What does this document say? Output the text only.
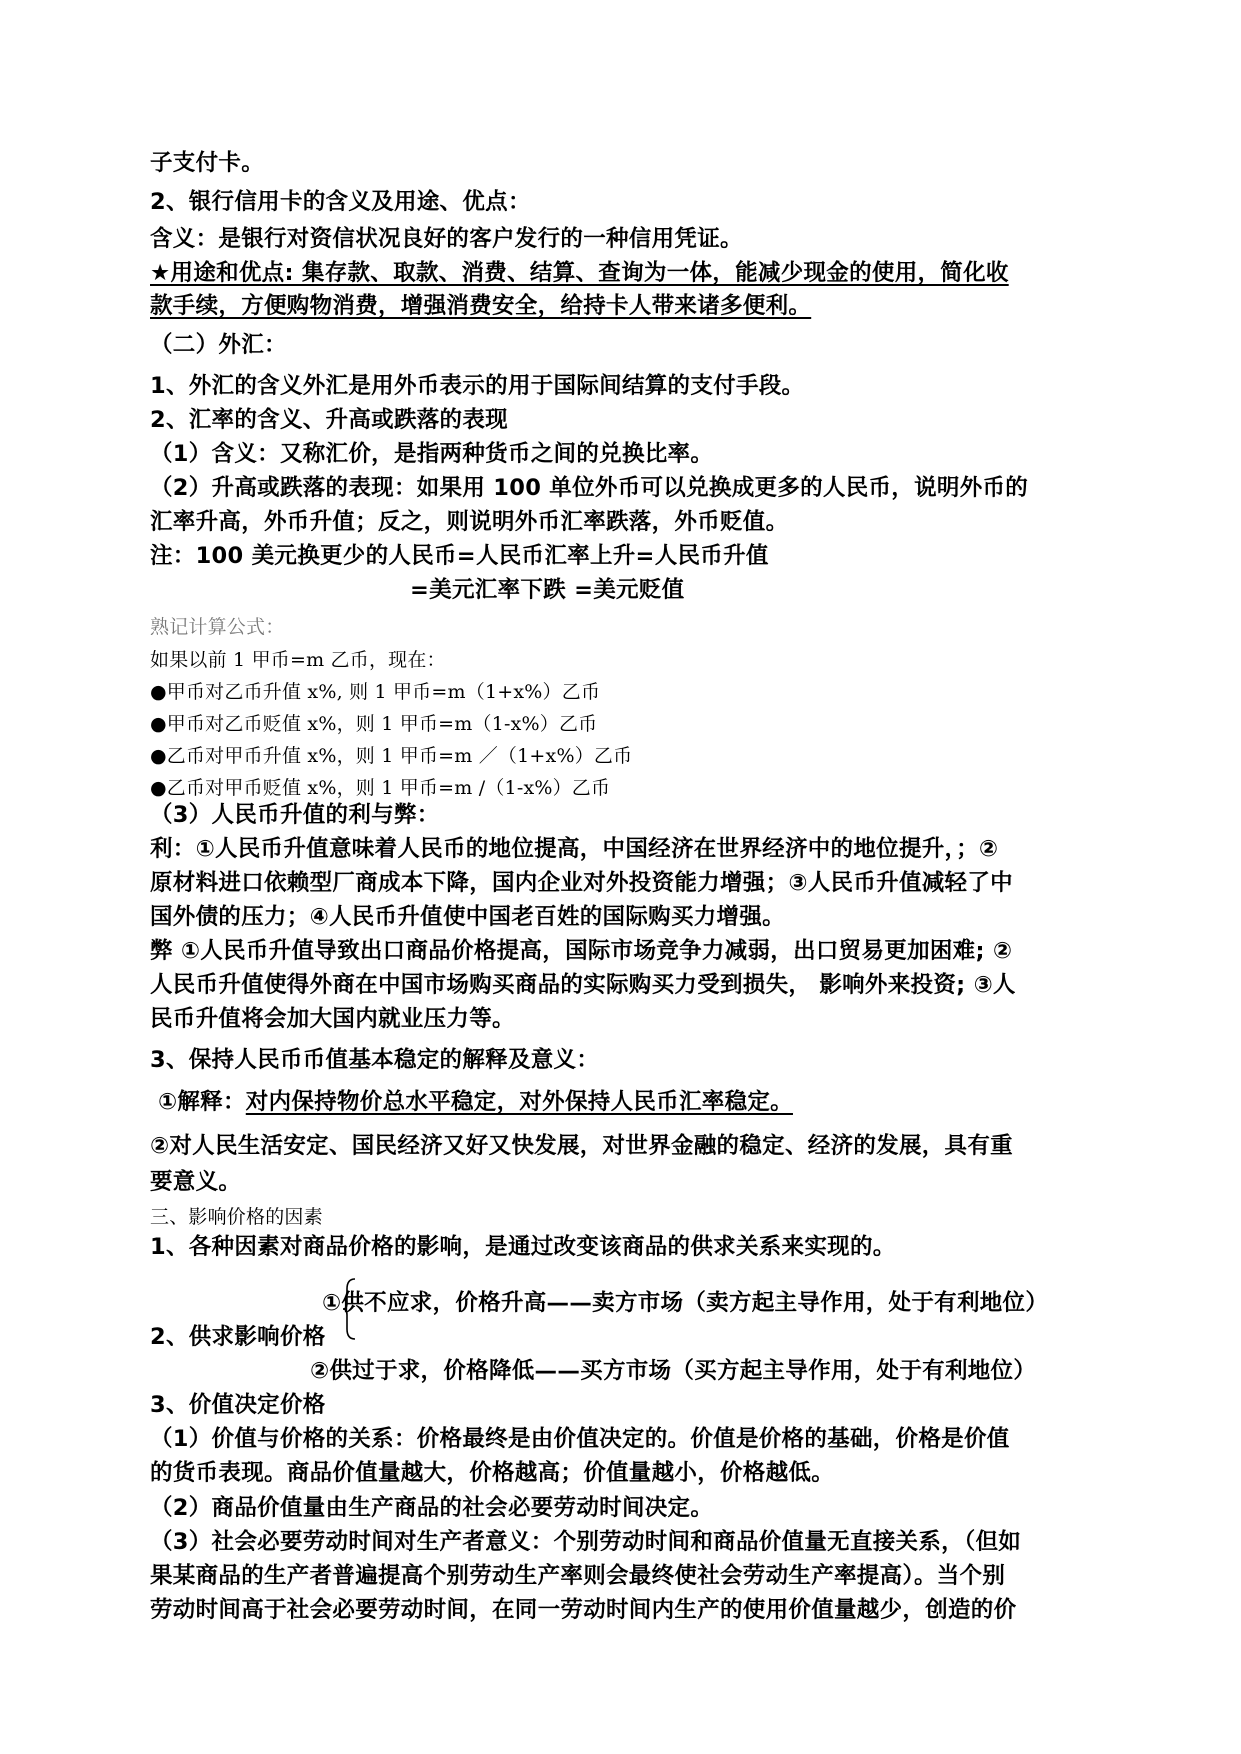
子支付卡。
2、银行信用卡的含义及用途、优点：
含义：是银行对资信状况良好的客户发行的一种信用凭证。
★用途和优点: 集存款、取款、消费、结算、查询为一体，能减少现金的使用，简化收
款手续，方便购物消费，增强消费安全，给持卡人带来诸多便利。
（二）外汇：
1、外汇的含义外汇是用外币表示的用于国际间结算的支付手段。
2、汇率的含义、升高或跌落的表现
（1）含义：又称汇价，是指两种货币之间的兑换比率。
（2）升高或跌落的表现：如果用 100 单位外币可以兑换成更多的人民币，说明外币的
汇率升高，外币升值；反之，则说明外币汇率跌落，外币贬值。
注：100 美元换更少的人民币=人民币汇率上升=人民币升值
=美元汇率下跌 =美元贬值
熟记计算公式：
如果以前 1 甲币=m 乙币，现在：
●甲币对乙币升值 x%, 则 1 甲币=m（1+x%）乙币
●甲币对乙币贬值 x%，则 1 甲币=m（1-x%）乙币
●乙币对甲币升值 x%，则 1 甲币=m ／（1+x%）乙币
●乙币对甲币贬值 x%，则 1 甲币=m /（1-x%）乙币
（3）人民币升值的利与弊：
利：①人民币升值意味着人民币的地位提高，中国经济在世界经济中的地位提升，；②
原材料进口依赖型厂商成本下降，国内企业对外投资能力增强；③人民币升值减轻了中
国外债的压力；④人民币升值使中国老百姓的国际购买力增强。
弊 ①人民币升值导致出口商品价格提高，国际市场竞争力减弱，出口贸易更加困难; ②
人民币升值使得外商在中国市场购买商品的实际购买力受到损失， 影响外来投资; ③人
民币升值将会加大国内就业压力等。
3、保持人民币币值基本稳定的解释及意义：
①解释：对内保持物价总水平稳定，对外保持人民币汇率稳定。
②对人民生活安定、国民经济又好又快发展，对世界金融的稳定、经济的发展，具有重
要意义。
三、影响价格的因素
1、各种因素对商品价格的影响，是通过改变该商品的供求关系来实现的。
①供不应求，价格升高——卖方市场（卖方起主导作用，处于有利地位）
2、供求影响价格
②供过于求，价格降低——买方市场（买方起主导作用，处于有利地位）
3、价值决定价格
（1）价值与价格的关系：价格最终是由价值决定的。价值是价格的基础，价格是价值
的货币表现。商品价值量越大，价格越高；价值量越小，价格越低。
（2）商品价值量由生产商品的社会必要劳动时间决定。
（3）社会必要劳动时间对生产者意义：个别劳动时间和商品价值量无直接关系，（但如
果某商品的生产者普遍提高个别劳动生产率则会最终使社会劳动生产率提高）。当个别
劳动时间高于社会必要劳动时间，在同一劳动时间内生产的使用价值量越少，创造的价
